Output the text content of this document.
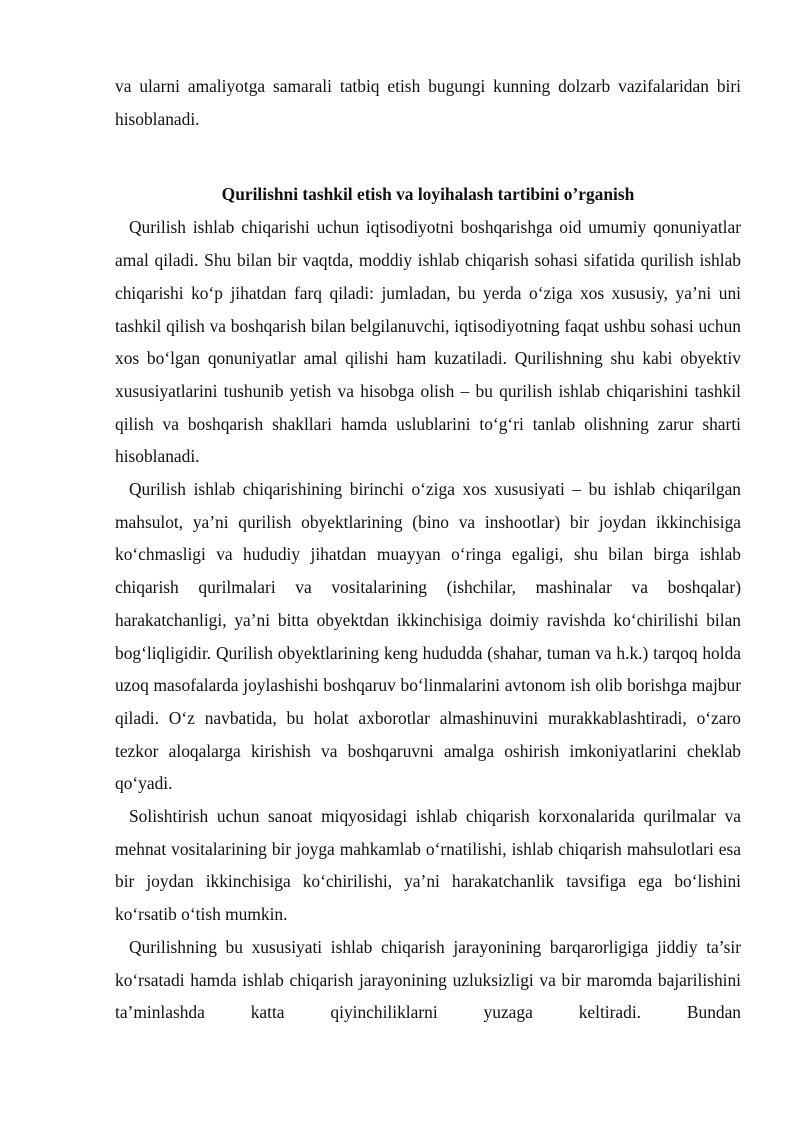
va ularni amaliyotga samarali tatbiq etish bugungi kunning dolzarb vazifalaridan biri hisoblanadi.

Qurilishni tashkil etish va loyihalash tartibini o’rganish

Qurilish ishlab chiqarishi uchun iqtisodiyotni boshqarishga oid umumiy qonuniyatlar amal qiladi. Shu bilan bir vaqtda, moddiy ishlab chiqarish sohasi sifatida qurilish ishlab chiqarishi ko‘p jihatdan farq qiladi: jumladan, bu yerda o‘ziga xos xususiy, ya’ni uni tashkil qilish va boshqarish bilan belgilanuvchi, iqtisodiyotning faqat ushbu sohasi uchun xos bo‘lgan qonuniyatlar amal qilishi ham kuzatiladi. Qurilishning shu kabi obyektiv xususiyatlarini tushunib yetish va hisobga olish – bu qurilish ishlab chiqarishini tashkil qilish va boshqarish shakllari hamda uslublarini to‘g‘ri tanlab olishning zarur sharti hisoblanadi.

Qurilish ishlab chiqarishining birinchi o‘ziga xos xususiyati – bu ishlab chiqarilgan mahsulot, ya’ni qurilish obyektlarining (bino va inshootlar) bir joydan ikkinchisiga ko‘chmasligi va hududiy jihatdan muayyan o‘ringa egaligi, shu bilan birga ishlab chiqarish qurilmalari va vositalarining (ishchilar, mashinalar va boshqalar) harakatchanligi, ya’ni bitta obyektdan ikkinchisiga doimiy ravishda ko‘chirilishi bilan bog‘liqligidir. Qurilish obyektlarining keng hududda (shahar, tuman va h.k.) tarqoq holda uzoq masofalarda joylashishi boshqaruv bo‘linmalarini avtonom ish olib borishga majbur qiladi. O‘z navbatida, bu holat axborotlar almashinuvini murakkablashtiradi, o‘zaro tezkor aloqalarga kirishish va boshqaruvni amalga oshirish imkoniyatlarini cheklab qo‘yadi.

Solishtirish uchun sanoat miqyosidagi ishlab chiqarish korxonalarida qurilmalar va mehnat vositalarining bir joyga mahkamlab o‘rnatilishi, ishlab chiqarish mahsulotlari esa bir joydan ikkinchisiga ko‘chirilishi, ya’ni harakatchanlik tavsifiga ega bo‘lishini ko‘rsatib o‘tish mumkin.

Qurilishning bu xususiyati ishlab chiqarish jarayonining barqarorligiga jiddiy ta’sir ko‘rsatadi hamda ishlab chiqarish jarayonining uzluksizligi va bir maromda bajarilishini ta’minlashda katta qiyinchiliklarni yuzaga keltiradi. Bundan
